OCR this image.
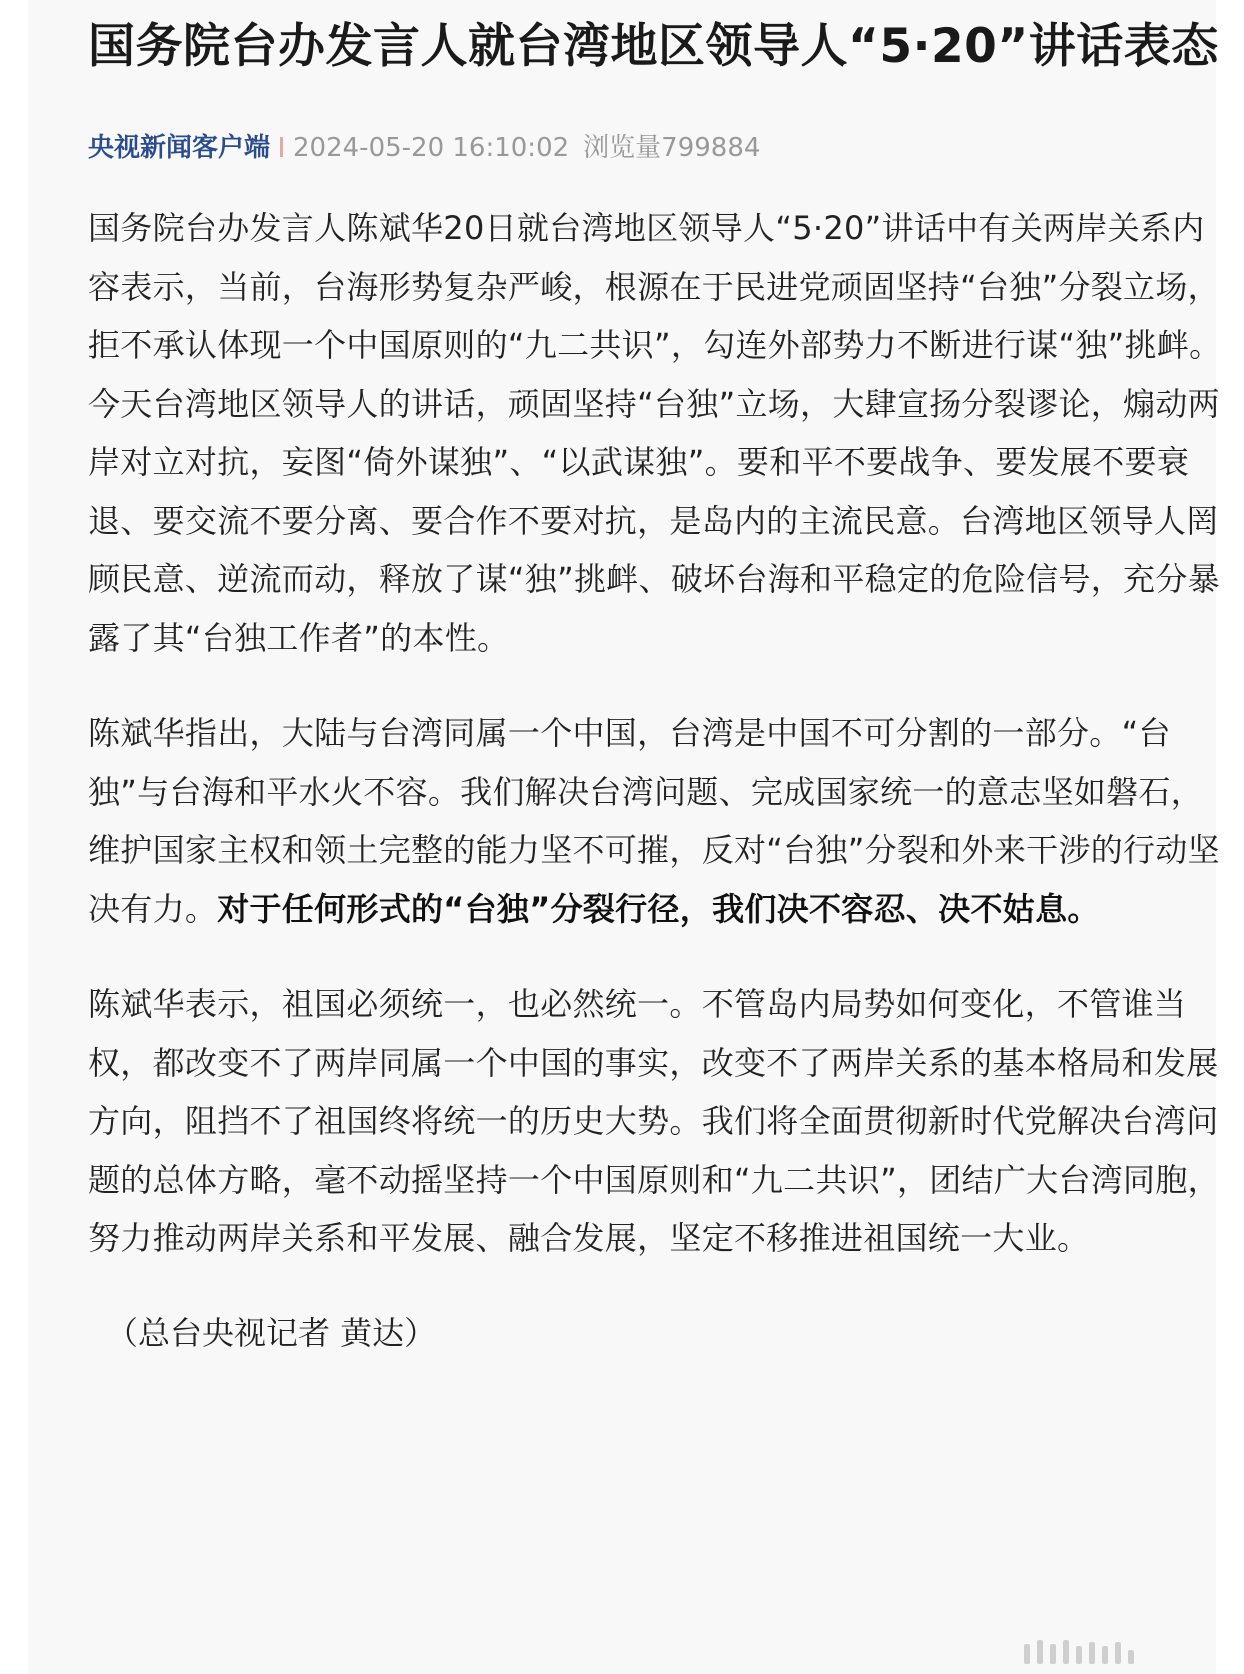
国务院台办发言人就台湾地区领导人“5·20”讲话表态
央视新闻客户端 2024-05-20 16:10:02 浏览量799884

国务院台办发言人陈斌华20日就台湾地区领导人“5·20”讲话中有关两岸关系内容表示，当前，台海形势复杂严峻，根源在于民进党顽固坚持“台独”分裂立场，拒不承认体现一个中国原则的“九二共识”，勾连外部势力不断进行谋“独”挑衅。今天台湾地区领导人的讲话，顽固坚持“台独”立场，大肆宣扬分裂谬论，煽动两岸对立对抗，妄图“倚外谋独”、“以武谋独”。要和平不要战争、要发展不要衰退、要交流不要分离、要合作不要对抗，是岛内的主流民意。台湾地区领导人罔顾民意、逆流而动，释放了谋“独”挑衅、破坏台海和平稳定的危险信号，充分暴露了其“台独工作者”的本性。

陈斌华指出，大陆与台湾同属一个中国，台湾是中国不可分割的一部分。“台独”与台海和平水火不容。我们解决台湾问题、完成国家统一的意志坚如磐石，维护国家主权和领土完整的能力坚不可摧，反对“台独”分裂和外来干涉的行动坚决有力。对于任何形式的“台独”分裂行径，我们决不容忍、决不姑息。

陈斌华表示，祖国必须统一，也必然统一。不管岛内局势如何变化，不管谁当权，都改变不了两岸同属一个中国的事实，改变不了两岸关系的基本格局和发展方向，阻挡不了祖国终将统一的历史大势。我们将全面贯彻新时代党解决台湾问题的总体方略，毫不动摇坚持一个中国原则和“九二共识”，团结广大台湾同胞，努力推动两岸关系和平发展、融合发展，坚定不移推进祖国统一大业。

（总台央视记者 黄达）
